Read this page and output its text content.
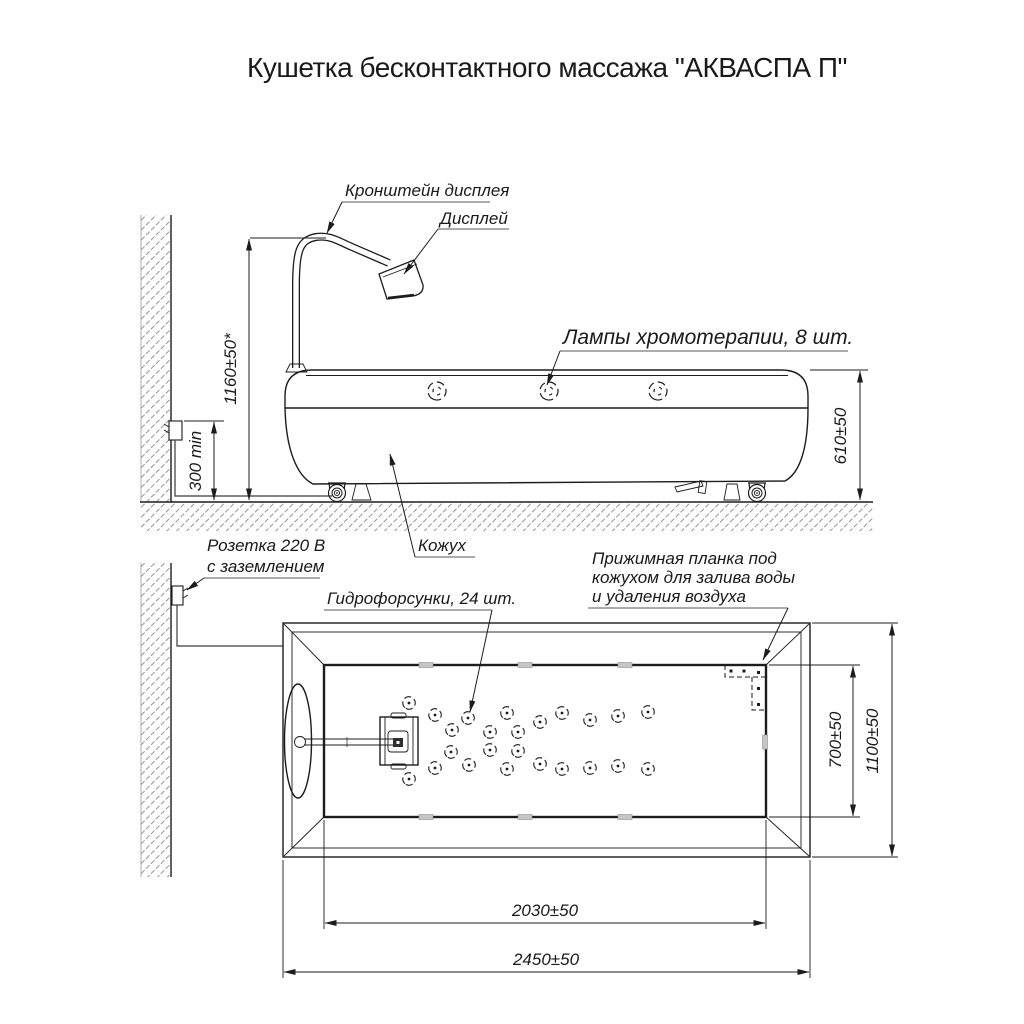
Кушетка бесконтактного массажа "АКВАСПА П"
1160±50*
300 min	610±50
Кронштейн дисплея
Дисплей
Лампы хромотерапии, 8 шт.
Кожух
700±50 1100±50
2030±50
2450±50
Розетка 220 В
с заземлением
Гидрофорсунки, 24 шт.
Прижимная планка под
кожухом для залива воды
и удаления воздуха
